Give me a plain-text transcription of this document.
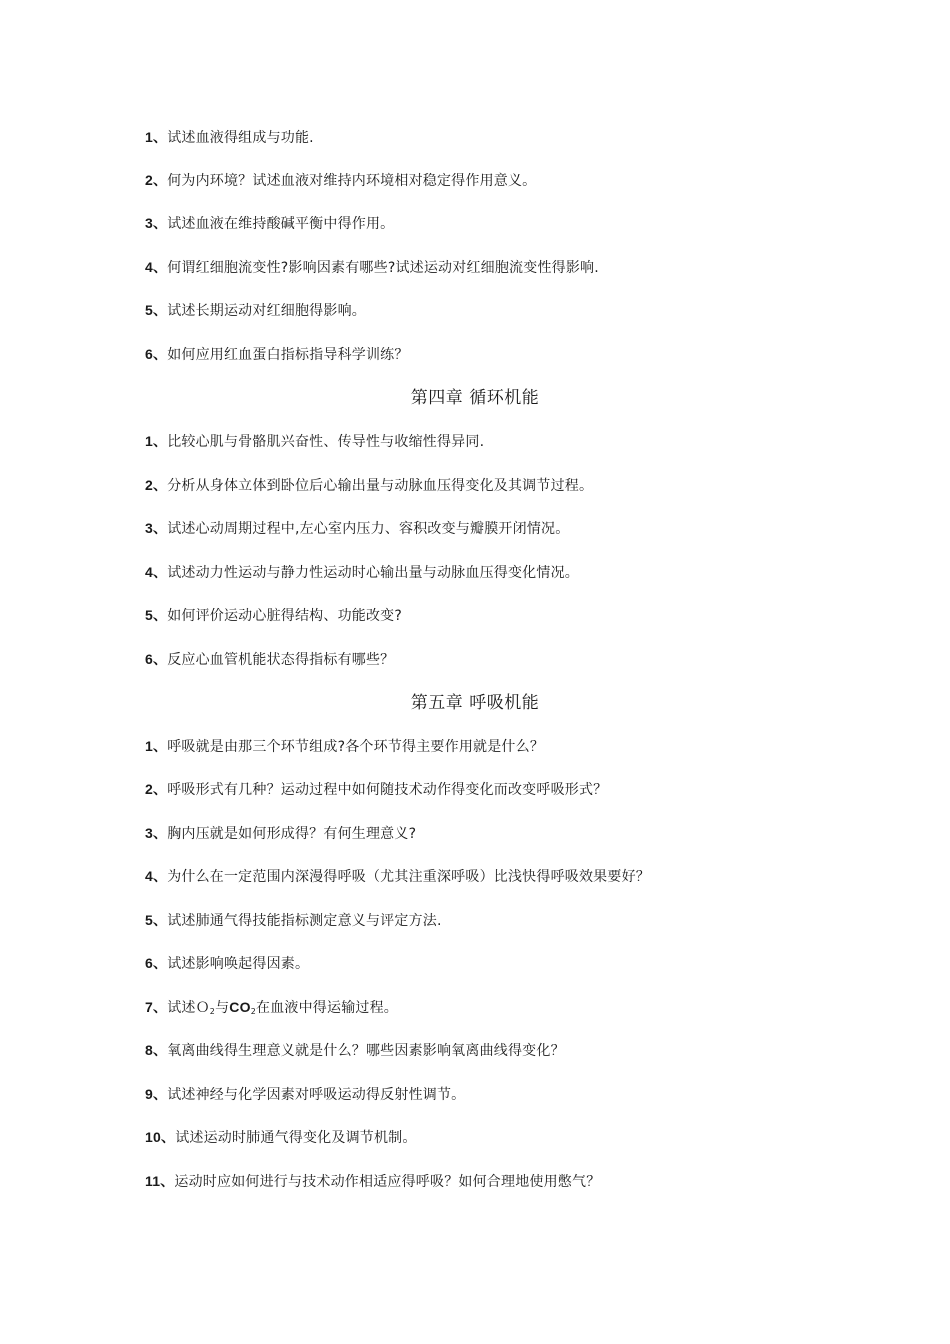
1、试述血液得组成与功能.
2、何为内环境？试述血液对维持内环境相对稳定得作用意义。
3、试述血液在维持酸碱平衡中得作用。
4、何谓红细胞流变性?影响因素有哪些?试述运动对红细胞流变性得影响.
5、试述长期运动对红细胞得影响。
6、如何应用红血蛋白指标指导科学训练？
第四章 循环机能
1、比较心肌与骨骼肌兴奋性、传导性与收缩性得异同.
2、分析从身体立体到卧位后心输出量与动脉血压得变化及其调节过程。
3、试述心动周期过程中,左心室内压力、容积改变与瓣膜开闭情况。
4、试述动力性运动与静力性运动时心输出量与动脉血压得变化情况。
5、如何评价运动心脏得结构、功能改变?
6、反应心血管机能状态得指标有哪些？
第五章 呼吸机能
1、呼吸就是由那三个环节组成?各个环节得主要作用就是什么？
2、呼吸形式有几种？运动过程中如何随技术动作得变化而改变呼吸形式？
3、胸内压就是如何形成得？有何生理意义?
4、为什么在一定范围内深漫得呼吸（尤其注重深呼吸）比浅快得呼吸效果要好？
5、试述肺通气得技能指标测定意义与评定方法.
6、试述影响唤起得因素。
7、试述Ｏ$_2$与$CO_2$在血液中得运输过程。
8、氧离曲线得生理意义就是什么？哪些因素影响氧离曲线得变化？
9、试述神经与化学因素对呼吸运动得反射性调节。
10、试述运动时肺通气得变化及调节机制。
11、运动时应如何进行与技术动作相适应得呼吸？如何合理地使用憋气？
